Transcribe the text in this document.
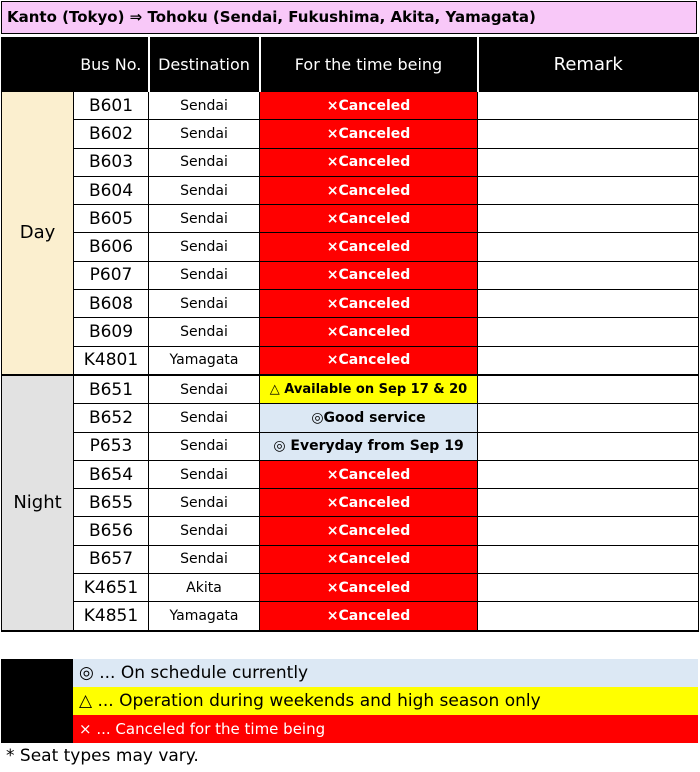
Kanto (Tokyo) ⇒ Tohoku (Sendai, Fukushima, Akita, Yamagata)
	Bus No.	Destination	For the time being	Remark
Day	B601	Sendai	×Canceled	
	B602	Sendai	×Canceled	
	B603	Sendai	×Canceled	
	B604	Sendai	×Canceled	
	B605	Sendai	×Canceled	
	B606	Sendai	×Canceled	
	P607	Sendai	×Canceled	
	B608	Sendai	×Canceled	
	B609	Sendai	×Canceled	
	K4801	Yamagata	×Canceled	
Night	B651	Sendai	△ Available on Sep 17 & 20	
	B652	Sendai	◎Good service	
	P653	Sendai	◎ Everyday from Sep 19	
	B654	Sendai	×Canceled	
	B655	Sendai	×Canceled	
	B656	Sendai	×Canceled	
	B657	Sendai	×Canceled	
	K4651	Akita	×Canceled	
	K4851	Yamagata	×Canceled	
◎ ... On schedule currently
△ ... Operation during weekends and high season only
× ... Canceled for the time being
* Seat types may vary.
